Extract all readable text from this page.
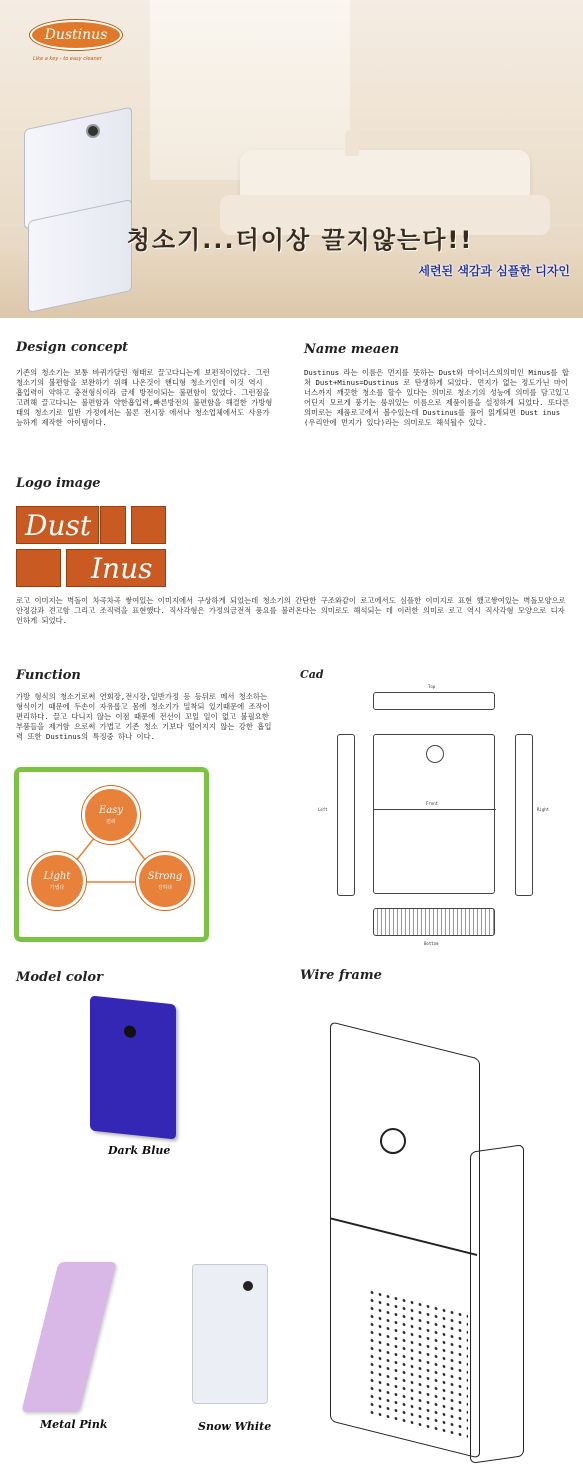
Dustinus
Like a key - to easy cleaner
청소기...더이상 끌지않는다!!
세련된 색감과 심플한 디자인
Design concept
기존의 청소기는 보통 바퀴가달린 형태로 끌고다니는게 보편적이었다. 그런 청소기의 불편함을 보완하기 위해 나온것이 핸디형 청소기인데 이것 역시 흡입력이 약하고 충전형식이라 금세 방전이되는 불편함이 있었다. 그런점을 고려해 끌고다니는 불편함과 약한흡입력,빠른방전의 불편함을 해결한 가방형태의 청소기로 일반 가정에서는 물론 전시장 에서나 청소업체에서도 사용가능하게 제작한 아이템이다.
Name meaen
Dustinus 라는 이름은 먼지를 뜻하는 Dust와 마이너스의의미인 Minus를 합쳐 Dust+Minus=Dustinus 로 탄생하게 되었다. 먼지가 없는 정도가닌 마이너스까지 깨끗한 청소를 할수 있다는 의미로 청소기의 성능에 의미를 담고있고 어딘지 모르게 풍기는 룸위있는 이름으로 제품이름을 설정하게 되었다. 또다른 의미로는 제품로고에서 볼수있는데 Dustinus를 풀어 읽게되면 Dust inus (우리안에 먼지가 있다)라는 의미로도 해석될수 있다.
Logo image
Dust
Inus
로고 이미지는 벽돌이 차곡차곡 쌓여있는 이미지에서 구상하게 되었는데 청소기의 간단한 구조와같이 로고에서도 심플한 이미지로 표현 했고쌓여있는 벽돌모양으로 안정감과 견고함 그리고 조직력을 표현했다. 직사각형은 가정의금전적 풍요를 불러온다는 의미로도 해석되는 데 이러한 의미로 로고 역시 직사각형 모양으로 디자인하게 되었다.
Function
가방 형식의 청소기로써 연회장,전시장,일반가정 등 등뒤로 메서 청소하는 형식이기 때문에 두손이 자유롭고 몸에 청소기가 밀착되 있기때문에 조작이 편리하다. 끌고 다니지 않는 이점 때문에 전선이 꼬일 일이 없고 불필요한 부품들을 제거함 으로써 가볍고 기존 청소 기보다 떨어지지 않는 강한 흡입력 또한 Dustinus의 특징중 하나 이다.
Easy
편리
Light
가볍다
Strong
강하다
Cad
Top
Left
Front
Right
Bottom
Model color
Dark Blue
Metal Pink	Snow White
Wire frame
